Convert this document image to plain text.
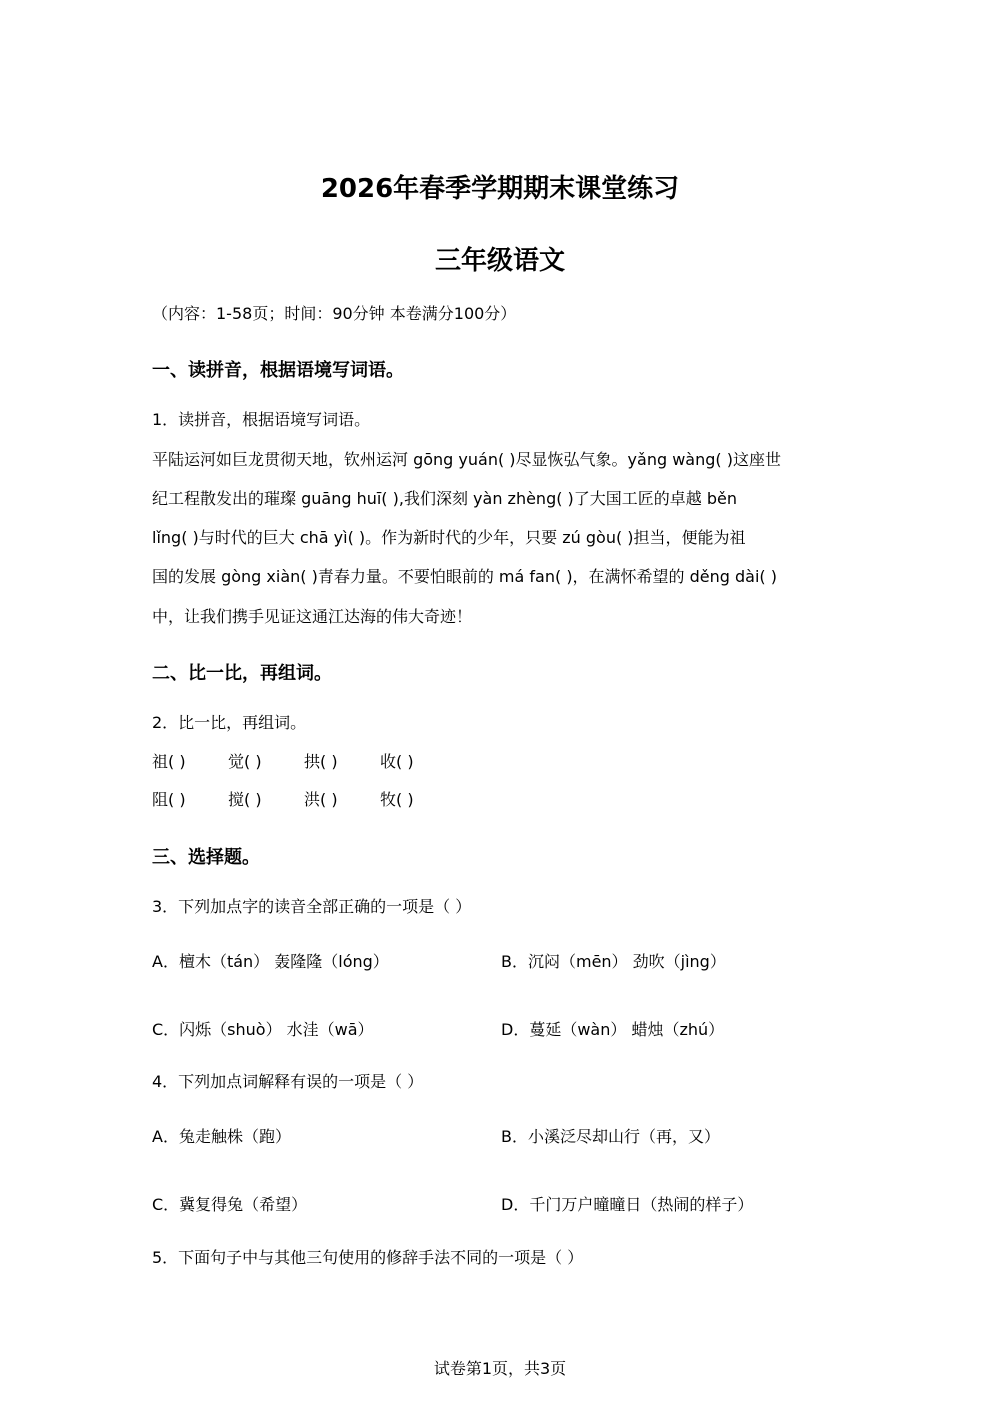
2026年春季学期期末课堂练习
三年级语文
（内容：1-58页；时间：90分钟 本卷满分100分）
一、读拼音，根据语境写词语。
1．读拼音，根据语境写词语。
平陆运河如巨龙贯彻天地，钦州运河 gōng yuán( )尽显恢弘气象。yǎng wàng( )这座世
纪工程散发出的璀璨 guāng huī( ),我们深刻 yàn zhèng( )了大国工匠的卓越 běn
lǐng( )与时代的巨大 chā yì( )。作为新时代的少年，只要 zú gòu( )担当，便能为祖
国的发展 gòng xiàn( )青春力量。不要怕眼前的 má fan( )，在满怀希望的 děng dài( )
中，让我们携手见证这通江达海的伟大奇迹！
二、比一比，再组词。
2．比一比，再组词。
祖( )	觉( )	拱( )	收( )
阻( )	搅( )	洪( )	牧( )
三、选择题。
3．下列加点字的读音全部正确的一项是（ ）
A．檀木（tán） 轰隆隆（lóng）	B．沉闷（mēn） 劲吹（jìng）
C．闪烁（shuò） 水洼（wā）	D．蔓延（wàn） 蜡烛（zhú）
4．下列加点词解释有误的一项是（ ）
A．兔走触株（跑）	B．小溪泛尽却山行（再，又）
C．冀复得兔（希望）	D．千门万户曈曈日（热闹的样子）
5．下面句子中与其他三句使用的修辞手法不同的一项是（ ）
试卷第1页，共3页
